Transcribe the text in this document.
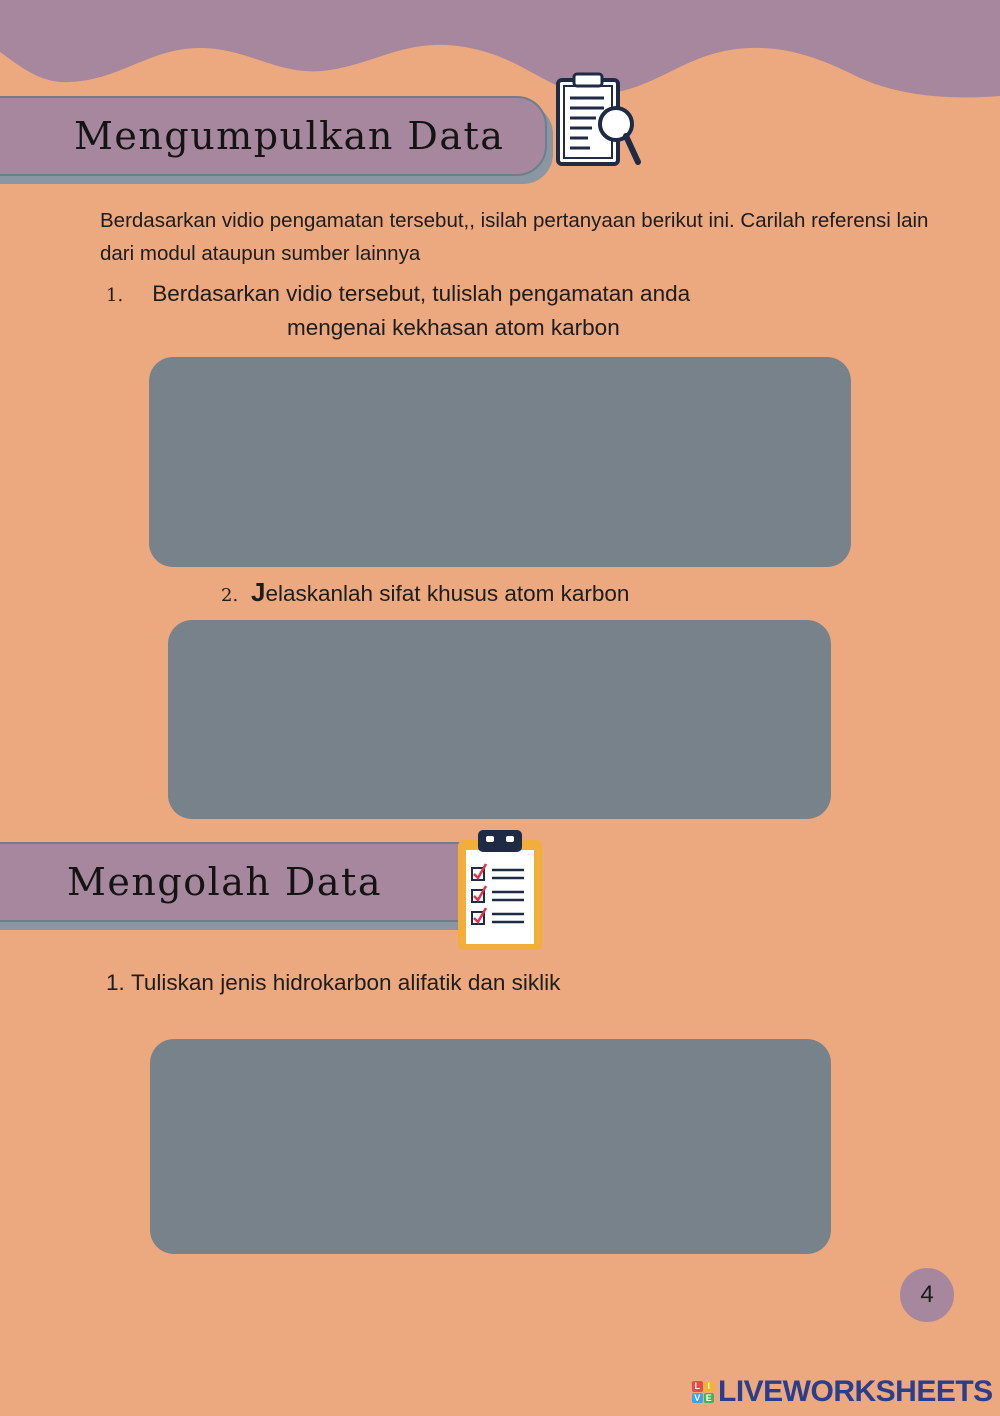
Mengumpulkan Data
Berdasarkan vidio pengamatan tersebut,, isilah pertanyaan berikut ini. Carilah referensi lain dari modul ataupun sumber lainnya
1. Berdasarkan vidio tersebut, tulislah pengamatan anda
mengenai kekhasan atom karbon
2. Jelaskanlah sifat khusus atom karbon
Mengolah Data
1. Tuliskan jenis hidrokarbon alifatik dan siklik
4
L I
V E LIVEWORKSHEETS
